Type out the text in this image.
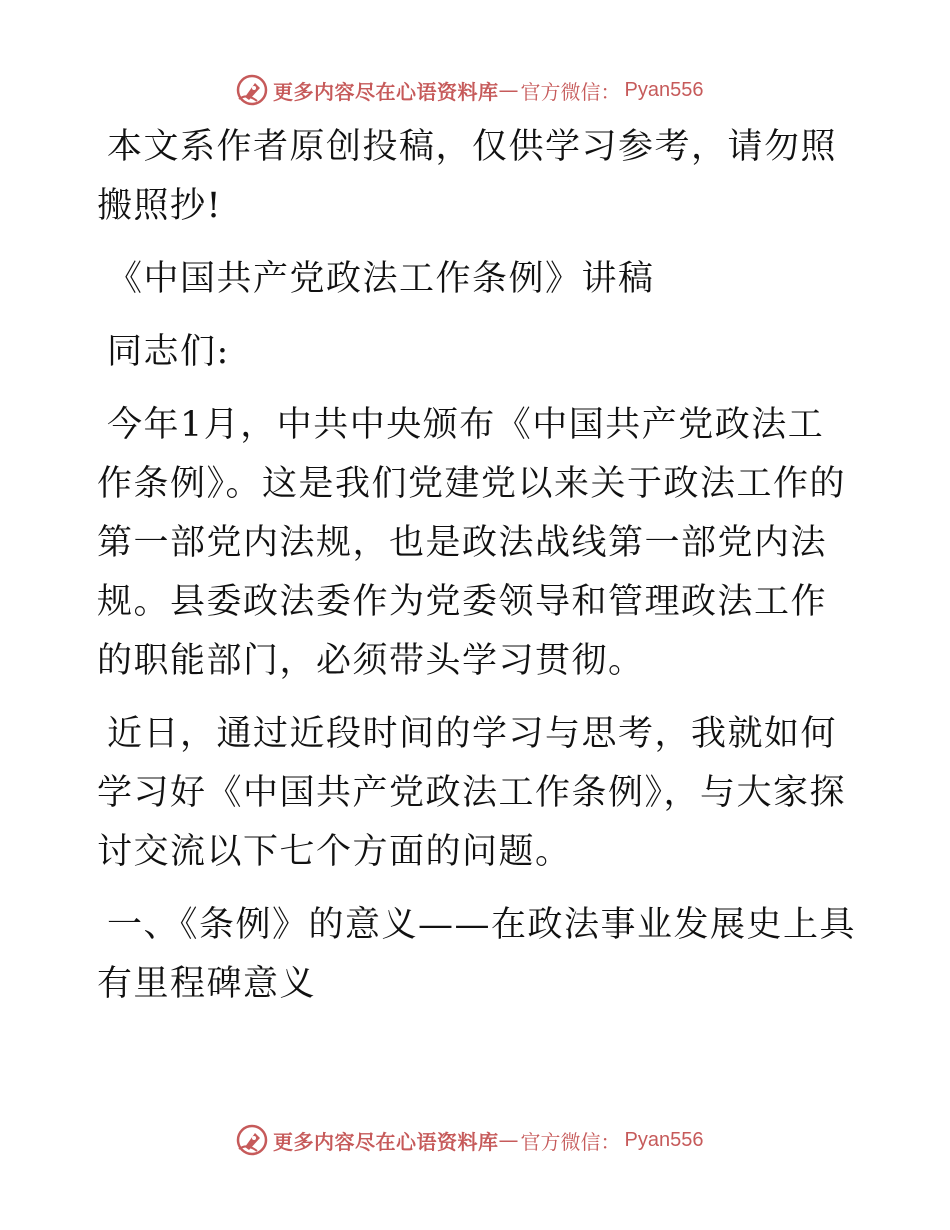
更多内容尽在心语资料库 — 官方微信： Pyan556

本文系作者原创投稿，仅供学习参考，请勿照搬照抄!

《中国共产党政法工作条例》讲稿

同志们:

今年1月，中共中央颁布《中国共产党政法工作条例》。这是我们党建党以来关于政法工作的第一部党内法规，也是政法战线第一部党内法规。县委政法委作为党委领导和管理政法工作的职能部门，必须带头学习贯彻。

近日，通过近段时间的学习与思考，我就如何学习好《中国共产党政法工作条例》，与大家探讨交流以下七个方面的问题。

一、《条例》的意义——在政法事业发展史上具有里程碑意义

更多内容尽在心语资料库 — 官方微信： Pyan556
